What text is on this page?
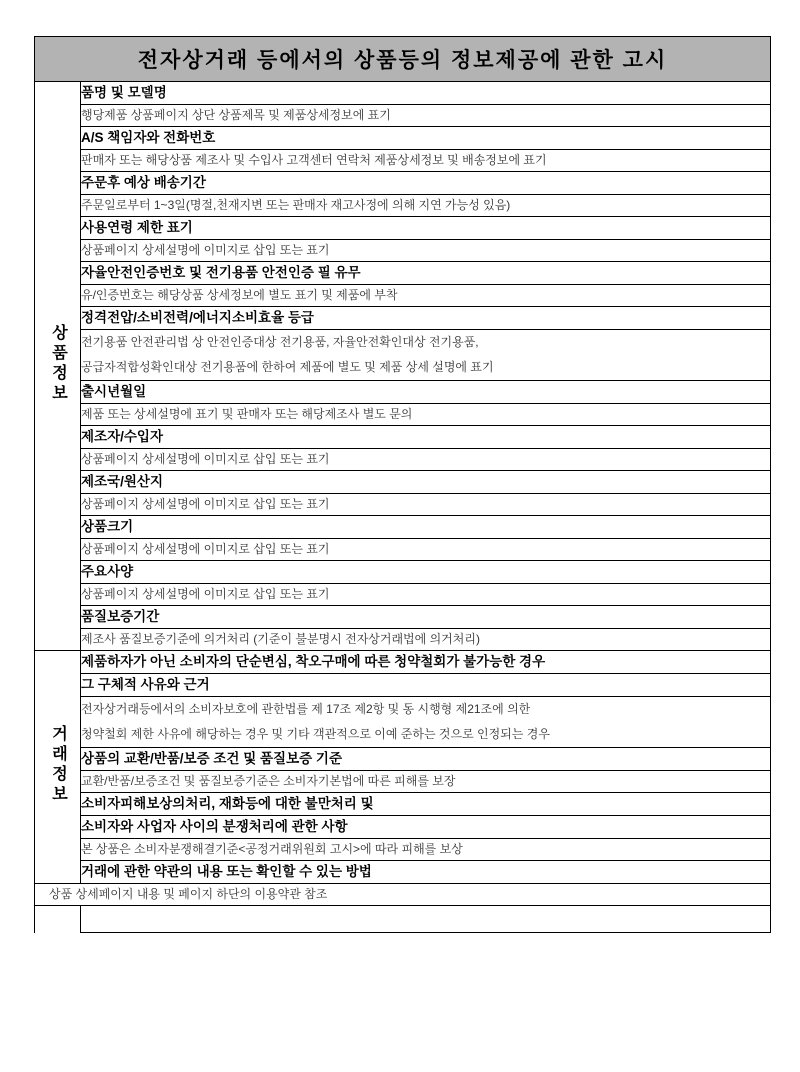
전자상거래 등에서의 상품등의 정보제공에 관한 고시	
상품정보	품명 및 모델명
	행당제품 상품페이지 상단 상품제목 및 제품상세정보에 표기
	A/S 책임자와 전화번호
	판매자 또는 해당상품 제조사 및 수입사 고객센터 연락처 제품상세정보 및 배송정보에 표기
	주문후 예상 배송기간
	주문일로부터 1~3일(명절,천재지변 또는 판매자 재고사정에 의해 지연 가능성 있음)
	사용연령 제한 표기
	상품페이지 상세설명에 이미지로 삽입 또는 표기
	자율안전인증번호 및 전기용품 안전인증 필 유무
	유/인증번호는 해당상품 상세정보에 별도 표기 및 제품에 부착
	정격전압/소비전력/에너지소비효율 등급
	전기용품 안전관리법 상 안전인증대상 전기용품, 자율안전확인대상 전기용품,
	공급자적합성확인대상 전기용품에 한하여 제품에 별도 및 제품 상세 설명에 표기
	출시년월일
	제품 또는 상세설명에 표기 및 판매자 또는 해당제조사 별도 문의
	제조자/수입자
	상품페이지 상세설명에 이미지로 삽입 또는 표기
	제조국/원산지
	상품페이지 상세설명에 이미지로 삽입 또는 표기
	상품크기
	상품페이지 상세설명에 이미지로 삽입 또는 표기
	주요사양
	상품페이지 상세설명에 이미지로 삽입 또는 표기
	품질보증기간
	제조사 품질보증기준에 의거처리 (기준이 불분명시 전자상거래법에 의거처리)
거래정보	제품하자가 아닌 소비자의 단순변심, 착오구매에 따른 청약철회가 불가능한 경우
	그 구체적 사유와 근거
	전자상거래등에서의 소비자보호에 관한법를 제 17조 제2항 및 동 시행형 제21조에 의한
	청약철회 제한 사유에 해당하는 경우 및 기타 객관적으로 이예 준하는 것으로 인정되는 경우
	상품의 교환/반품/보증 조건 및 품질보증 기준
	교환/반품/보증조건 및 품질보증기준은 소비자기본법에 따른 피해를 보장
	소비자피해보상의처리, 재화등에 대한 불만처리 및
	소비자와 사업자 사이의 분쟁처리에 관한 사항
	본 상품은 소비자분쟁해결기준<공정거래위원회 고시>에 따라 피해를 보상
	거래에 관한 약관의 내용 또는 확인할 수 있는 방법
상품 상세페이지 내용 및 페이지 하단의 이용약관 참조	
